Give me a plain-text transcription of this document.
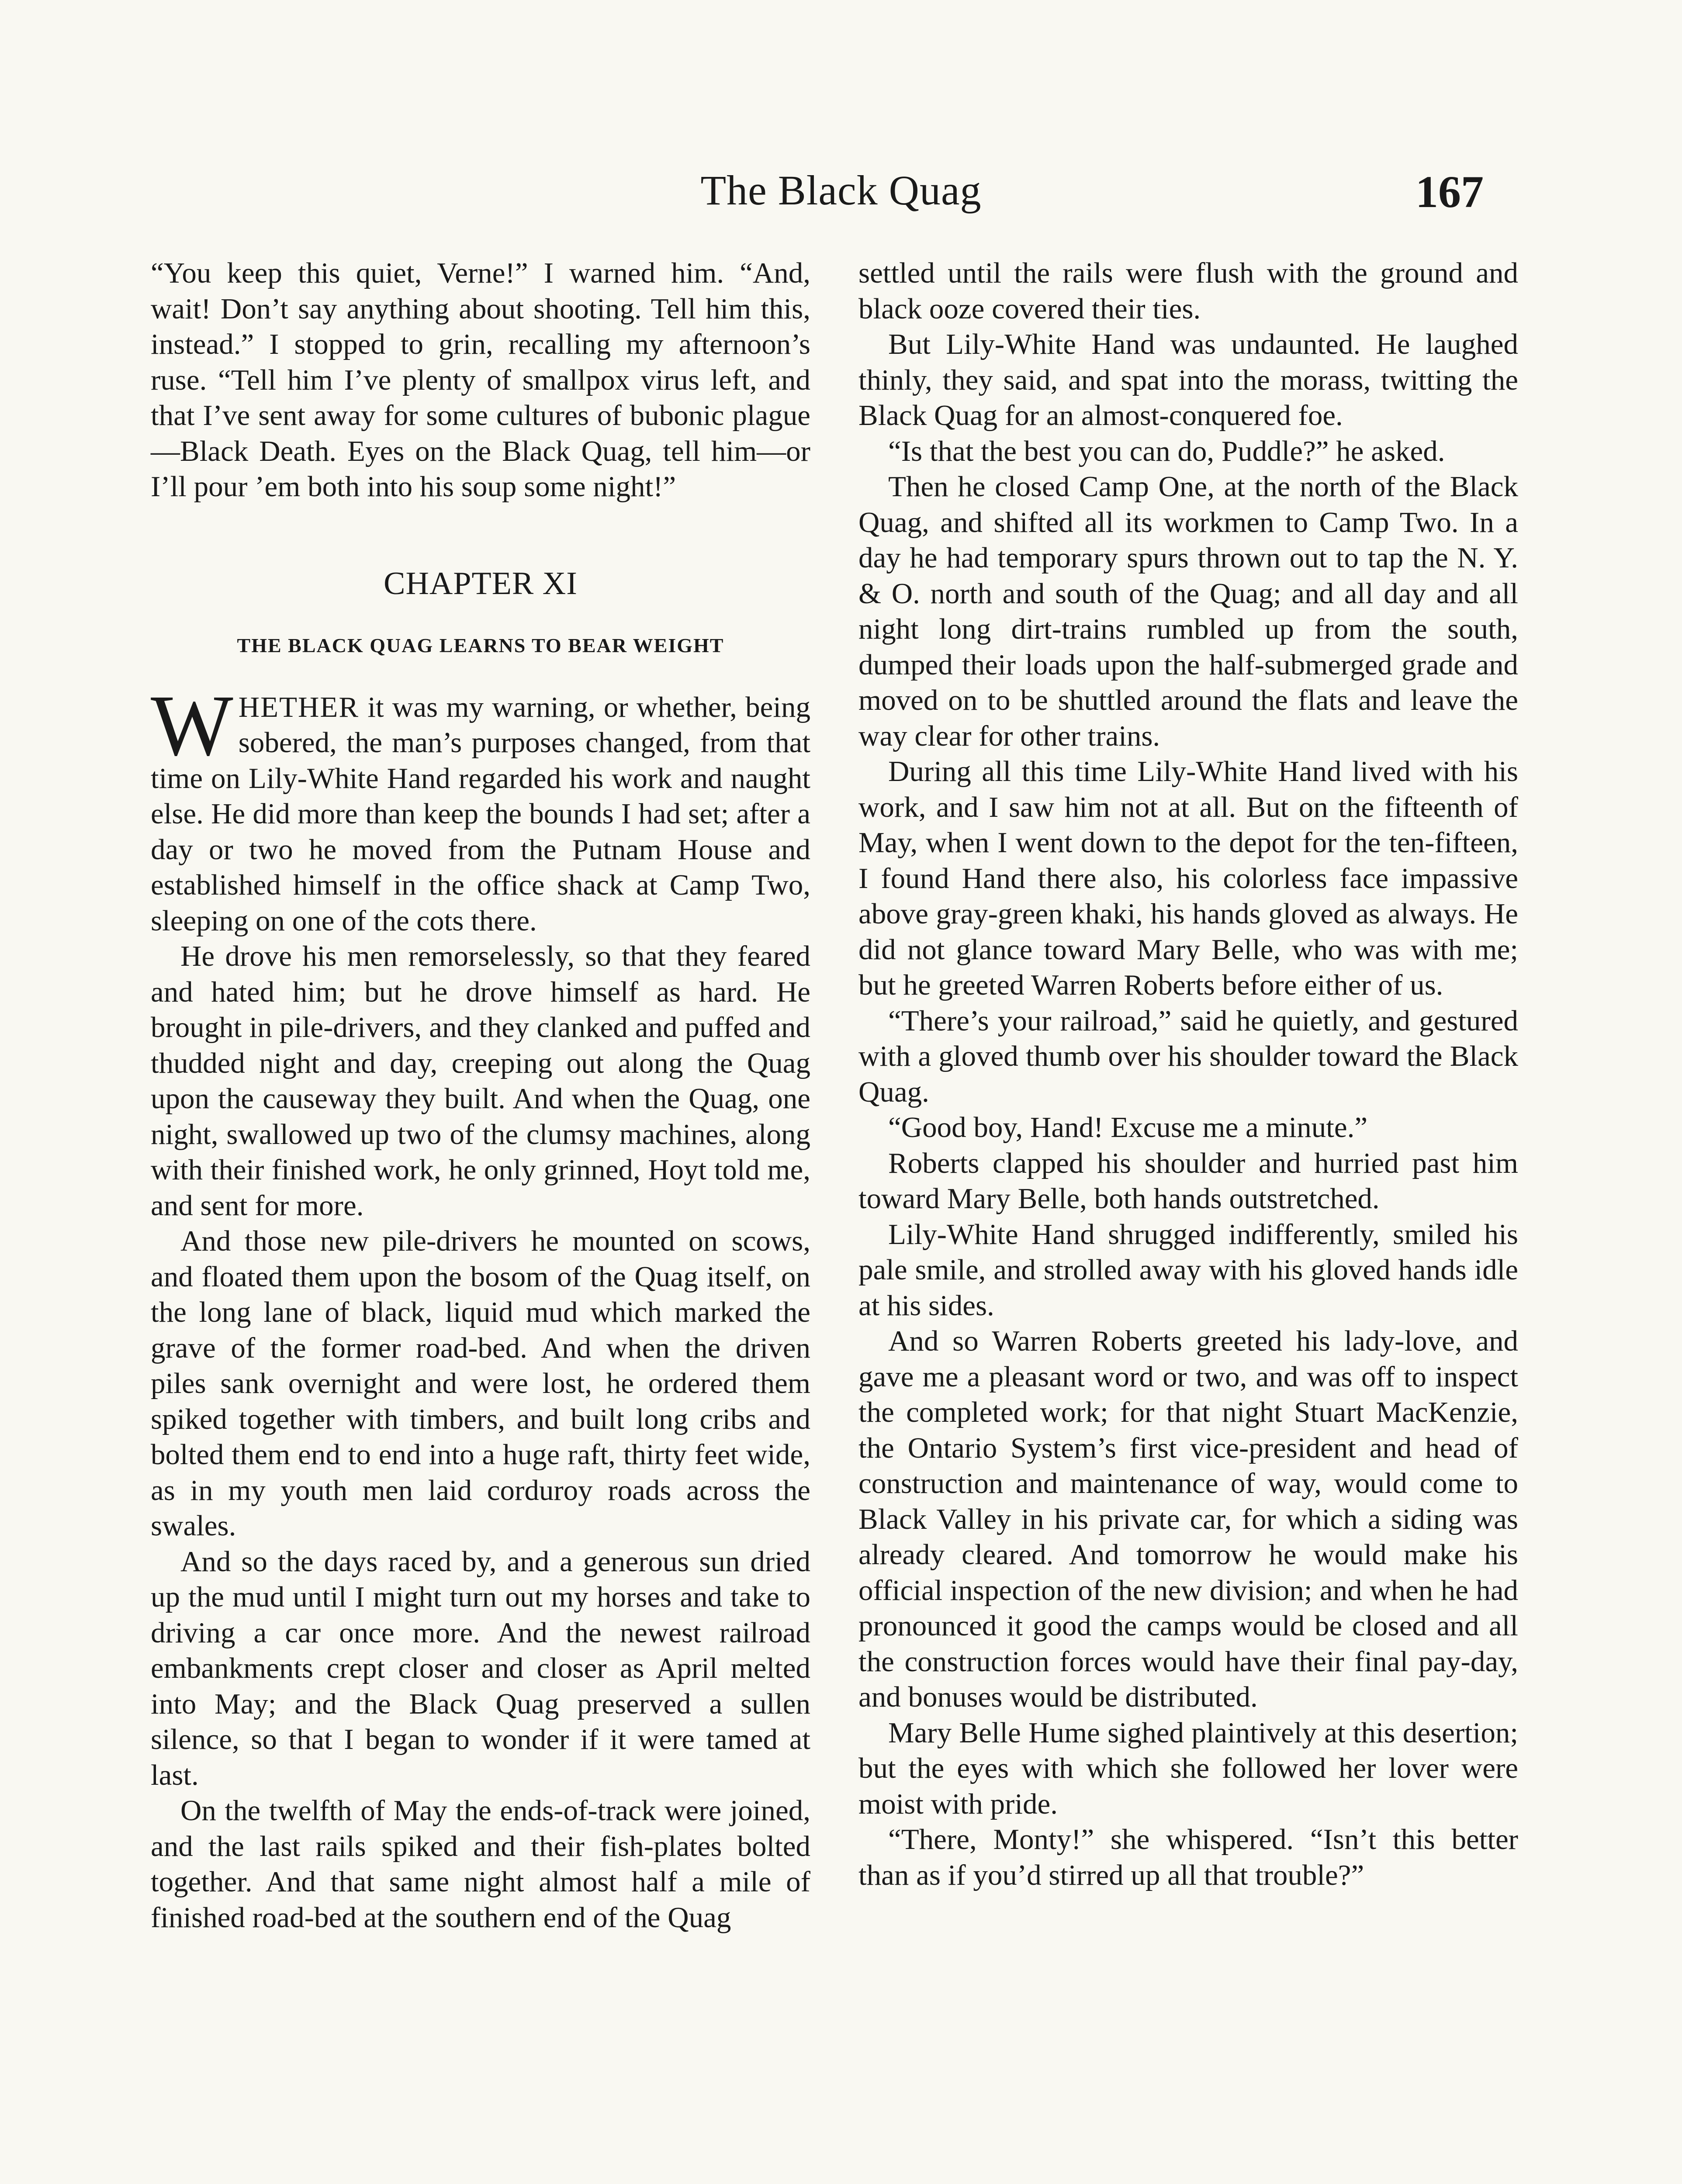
The Black Quag	167

“You keep this quiet, Verne!” I warned him. “And, wait! Don’t say anything about shooting. Tell him this, instead.” I stopped to grin, recalling my afternoon’s ruse. “Tell him I’ve plenty of smallpox virus left, and that I’ve sent away for some cultures of bubonic plague—Black Death. Eyes on the Black Quag, tell him—or I’ll pour ’em both into his soup some night!”

CHAPTER XI
THE BLACK QUAG LEARNS TO BEAR WEIGHT

WHETHER it was my warning, or whether, being sobered, the man’s purposes changed, from that time on Lily-White Hand regarded his work and naught else. He did more than keep the bounds I had set; after a day or two he moved from the Putnam House and established himself in the office shack at Camp Two, sleeping on one of the cots there.

He drove his men remorselessly, so that they feared and hated him; but he drove himself as hard. He brought in pile-drivers, and they clanked and puffed and thudded night and day, creeping out along the Quag upon the causeway they built. And when the Quag, one night, swallowed up two of the clumsy machines, along with their finished work, he only grinned, Hoyt told me, and sent for more.

And those new pile-drivers he mounted on scows, and floated them upon the bosom of the Quag itself, on the long lane of black, liquid mud which marked the grave of the former road-bed. And when the driven piles sank overnight and were lost, he ordered them spiked together with timbers, and built long cribs and bolted them end to end into a huge raft, thirty feet wide, as in my youth men laid corduroy roads across the swales.

And so the days raced by, and a generous sun dried up the mud until I might turn out my horses and take to driving a car once more. And the newest railroad embankments crept closer and closer as April melted into May; and the Black Quag preserved a sullen silence, so that I began to wonder if it were tamed at last.

On the twelfth of May the ends-of-track were joined, and the last rails spiked and their fish-plates bolted together. And that same night almost half a mile of finished road-bed at the southern end of the Quag

settled until the rails were flush with the ground and black ooze covered their ties.

But Lily-White Hand was undaunted. He laughed thinly, they said, and spat into the morass, twitting the Black Quag for an almost-conquered foe.

“Is that the best you can do, Puddle?” he asked.

Then he closed Camp One, at the north of the Black Quag, and shifted all its workmen to Camp Two. In a day he had temporary spurs thrown out to tap the N. Y. & O. north and south of the Quag; and all day and all night long dirt-trains rumbled up from the south, dumped their loads upon the half-submerged grade and moved on to be shuttled around the flats and leave the way clear for other trains.

During all this time Lily-White Hand lived with his work, and I saw him not at all. But on the fifteenth of May, when I went down to the depot for the ten-fifteen, I found Hand there also, his colorless face impassive above gray-green khaki, his hands gloved as always. He did not glance toward Mary Belle, who was with me; but he greeted Warren Roberts before either of us.

“There’s your railroad,” said he quietly, and gestured with a gloved thumb over his shoulder toward the Black Quag.

“Good boy, Hand! Excuse me a minute.”

Roberts clapped his shoulder and hurried past him toward Mary Belle, both hands outstretched.

Lily-White Hand shrugged indifferently, smiled his pale smile, and strolled away with his gloved hands idle at his sides.

And so Warren Roberts greeted his lady-love, and gave me a pleasant word or two, and was off to inspect the completed work; for that night Stuart MacKenzie, the Ontario System’s first vice-president and head of construction and maintenance of way, would come to Black Valley in his private car, for which a siding was already cleared. And tomorrow he would make his official inspection of the new division; and when he had pronounced it good the camps would be closed and all the construction forces would have their final pay-day, and bonuses would be distributed.

Mary Belle Hume sighed plaintively at this desertion; but the eyes with which she followed her lover were moist with pride.

“There, Monty!” she whispered. “Isn’t this better than as if you’d stirred up all that trouble?”
